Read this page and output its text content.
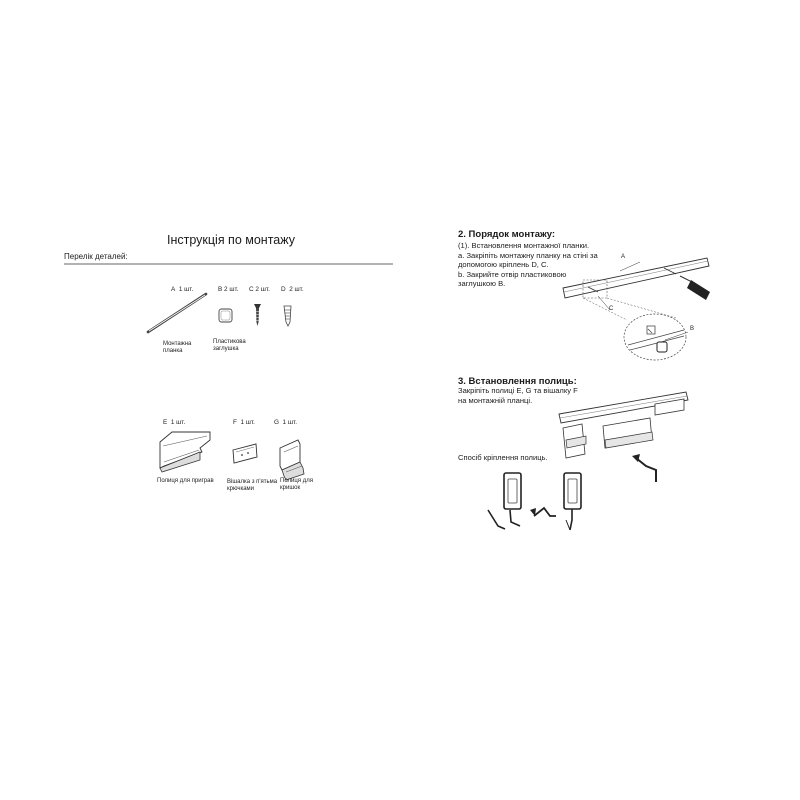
Інструкція по монтажу
Перелік деталей:
A 1 шт.
Монтажна
планка
B 2 шт.
Пластикова
заглушка
C 2 шт. D 2 шт.
E 1 шт.
Полиця для приграв
F 1 шт.
Вішалка з п'ятьма
крючками
G 1 шт.
Полиця для
кришок
2. Порядок монтажу:
(1). Встановлення монтажної планки.
a. Закріпіть монтажну планку на стіні за
допомогою кріплень D, C.
b. Закрийте отвір пластиковою
заглушкою B.
A
C
B
3. Встановлення полиць:
Закріпіть полиці E, G та вішалку F
на монтажній планці.
Спосіб кріплення полиць.
